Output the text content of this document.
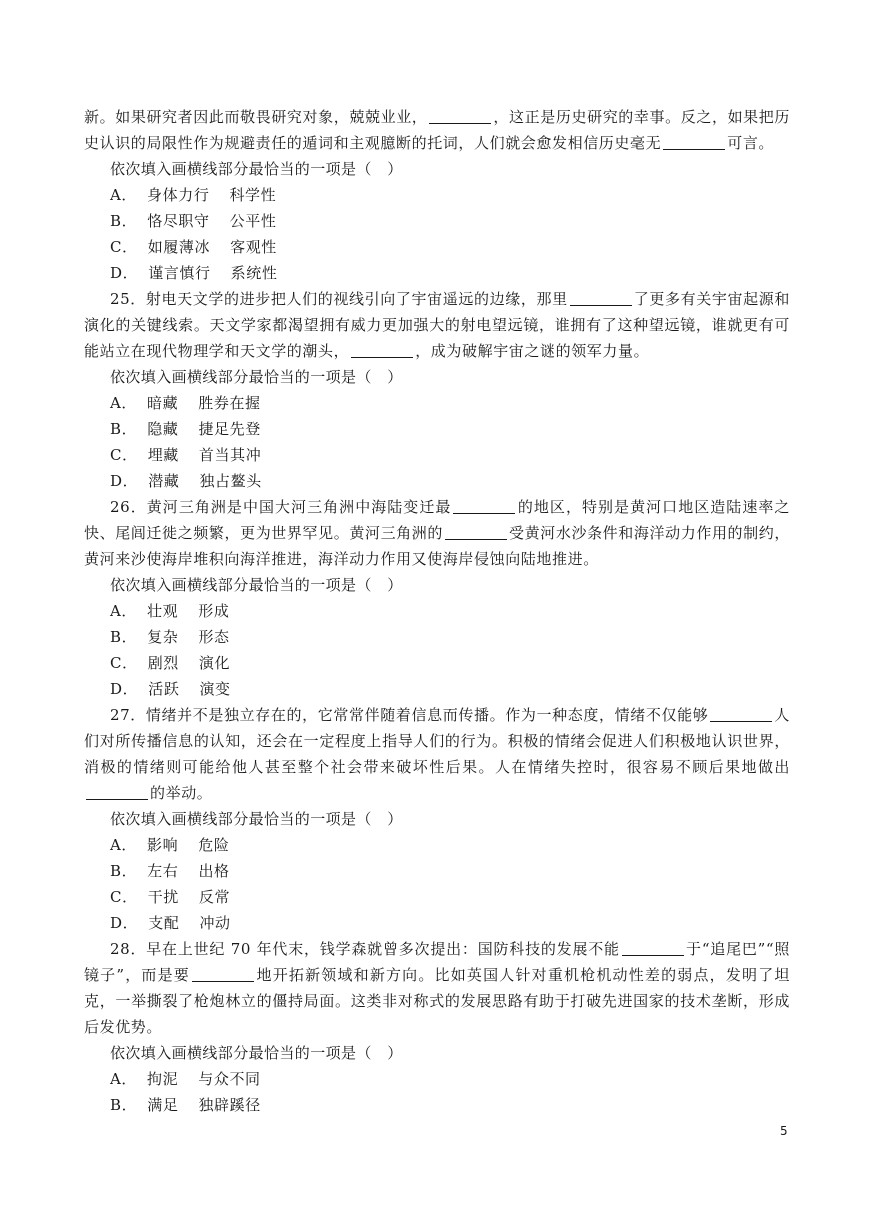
新。如果研究者因此而敬畏研究对象，兢兢业业，	，这正是历史研究的幸事。反之，如果把历史认识的局限性作为规避责任的遁词和主观臆断的托词，人们就会愈发相信历史毫无	可言。

依次填入画横线部分最恰当的一项是（　）
A． 身体力行 科学性
B． 恪尽职守 公平性
C． 如履薄冰 客观性
D． 谨言慎行 系统性

25．射电天文学的进步把人们的视线引向了宇宙遥远的边缘，那里	了更多有关宇宙起源和演化的关键线索。天文学家都渴望拥有威力更加强大的射电望远镜，谁拥有了这种望远镜，谁就更有可能站立在现代物理学和天文学的潮头，	，成为破解宇宙之谜的领军力量。

依次填入画横线部分最恰当的一项是（　）
A． 暗藏 胜券在握
B． 隐藏 捷足先登
C． 埋藏 首当其冲
D． 潜藏 独占鳌头

26．黄河三角洲是中国大河三角洲中海陆变迁最	的地区，特别是黄河口地区造陆速率之快、尾闾迁徙之频繁，更为世界罕见。黄河三角洲的	受黄河水沙条件和海洋动力作用的制约，黄河来沙使海岸堆积向海洋推进，海洋动力作用又使海岸侵蚀向陆地推进。

依次填入画横线部分最恰当的一项是（　）
A． 壮观 形成
B． 复杂 形态
C． 剧烈 演化
D． 活跃 演变

27．情绪并不是独立存在的，它常常伴随着信息而传播。作为一种态度，情绪不仅能够	人们对所传播信息的认知，还会在一定程度上指导人们的行为。积极的情绪会促进人们积极地认识世界，消极的情绪则可能给他人甚至整个社会带来破坏性后果。人在情绪失控时，很容易不顾后果地做出的举动。

依次填入画横线部分最恰当的一项是（　）
A． 影响 危险
B． 左右 出格
C． 干扰 反常
D． 支配 冲动

28．早在上世纪 70 年代末，钱学森就曾多次提出：国防科技的发展不能	于“追尾巴”“照镜子”，而是要	地开拓新领域和新方向。比如英国人针对重机枪机动性差的弱点，发明了坦克，一举撕裂了枪炮林立的僵持局面。这类非对称式的发展思路有助于打破先进国家的技术垄断，形成后发优势。

依次填入画横线部分最恰当的一项是（　）
A． 拘泥 与众不同
B． 满足 独辟蹊径
5
